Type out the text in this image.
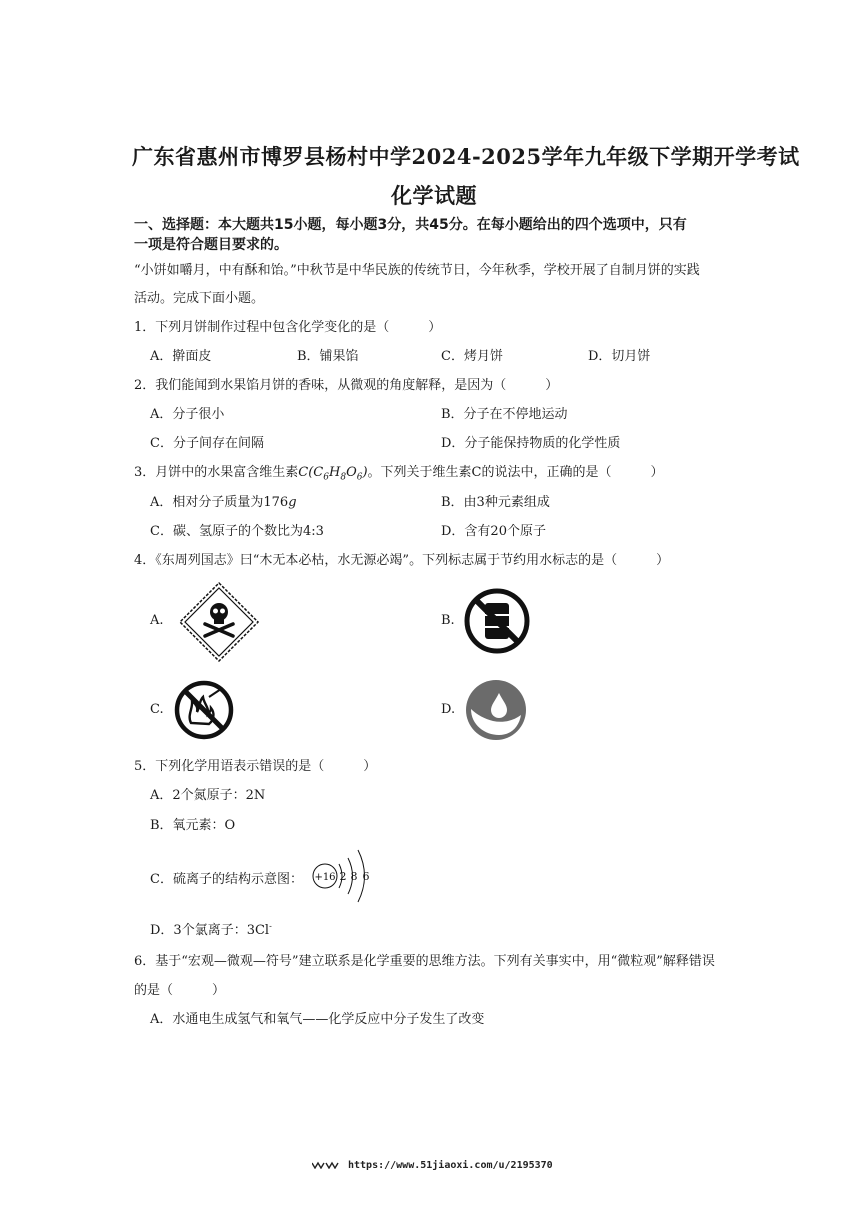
广东省惠州市博罗县杨村中学2024-2025学年九年级下学期开学考试
化学试题
一、选择题：本大题共15小题，每小题3分，共45分。在每小题给出的四个选项中，只有
一项是符合题目要求的。
“小饼如嚼月，中有酥和饴。”中秋节是中华民族的传统节日，今年秋季，学校开展了自制月饼的实践
活动。完成下面小题。
1．下列月饼制作过程中包含化学变化的是（　　　）
A．擀面皮	B．铺果馅	C．烤月饼	D．切月饼
2．我们能闻到水果馅月饼的香味，从微观的角度解释，是因为（　　　）
A．分子很小	B．分子在不停地运动
C．分子间存在间隔	D．分子能保持物质的化学性质
3．月饼中的水果富含维生素$C(C_6H_8O_6)$。下列关于维生素C的说法中，正确的是（　　　）
A．相对分子质量为176g	B．由3种元素组成
C．碳、氢原子的个数比为4:3	D．含有20个原子
4．《东周列国志》曰“木无本必枯，水无源必竭”。下列标志属于节约用水标志的是（　　　）
A.	B.
C.	D.
5．下列化学用语表示错误的是（　　　）
A．2个氮原子：2N
B．氧元素：O
C．硫离子的结构示意图： +16 2 8 6
D．3个氯离子：3Cl-
6．基于“宏观—微观—符号”建立联系是化学重要的思维方法。下列有关事实中，用“微粒观”解释错误
的是（　　　）
A．水通电生成氢气和氧气——化学反应中分子发生了改变
https://www.51jiaoxi.com/u/2195370
